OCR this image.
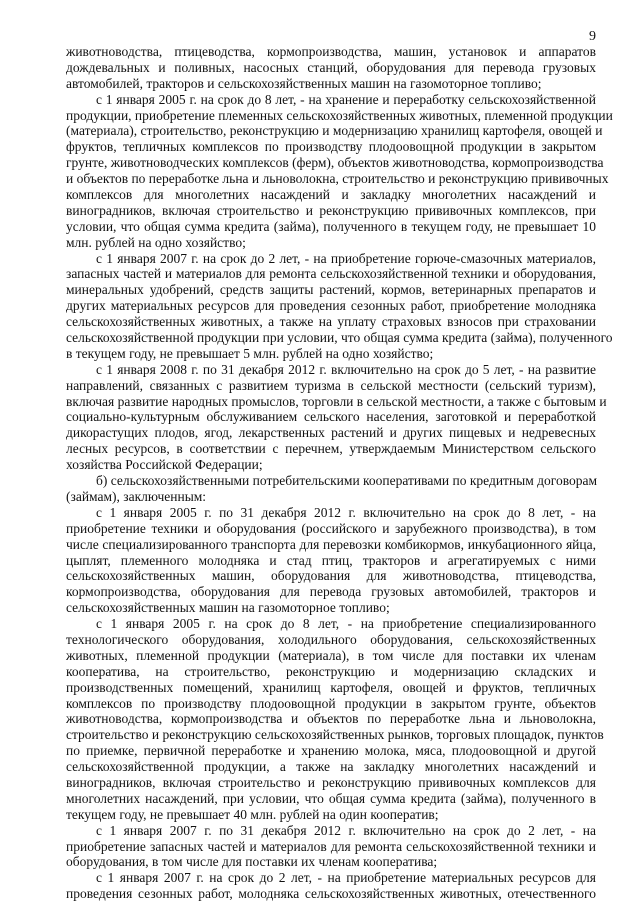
9
животноводства, птицеводства, кормопроизводства, машин, установок и аппаратов
дождевальных и поливных, насосных станций, оборудования для перевода грузовых
автомобилей, тракторов и сельскохозяйственных машин на газомоторное топливо;
с 1 января 2005 г. на срок до 8 лет, - на хранение и переработку сельскохозяйственной
продукции, приобретение племенных сельскохозяйственных животных, племенной продукции
(материала), строительство, реконструкцию и модернизацию хранилищ картофеля, овощей и
фруктов, тепличных комплексов по производству плодоовощной продукции в закрытом
грунте, животноводческих комплексов (ферм), объектов животноводства, кормопроизводства
и объектов по переработке льна и льноволокна, строительство и реконструкцию прививочных
комплексов для многолетних насаждений и закладку многолетних насаждений и
виноградников, включая строительство и реконструкцию прививочных комплексов, при
условии, что общая сумма кредита (займа), полученного в текущем году, не превышает 10
млн. рублей на одно хозяйство;
с 1 января 2007 г. на срок до 2 лет, - на приобретение горюче-смазочных материалов,
запасных частей и материалов для ремонта сельскохозяйственной техники и оборудования,
минеральных удобрений, средств защиты растений, кормов, ветеринарных препаратов и
других материальных ресурсов для проведения сезонных работ, приобретение молодняка
сельскохозяйственных животных, а также на уплату страховых взносов при страховании
сельскохозяйственной продукции при условии, что общая сумма кредита (займа), полученного
в текущем году, не превышает 5 млн. рублей на одно хозяйство;
с 1 января 2008 г. по 31 декабря 2012 г. включительно на срок до 5 лет, - на развитие
направлений, связанных с развитием туризма в сельской местности (сельский туризм),
включая развитие народных промыслов, торговли в сельской местности, а также с бытовым и
социально-культурным обслуживанием сельского населения, заготовкой и переработкой
дикорастущих плодов, ягод, лекарственных растений и других пищевых и недревесных
лесных ресурсов, в соответствии с перечнем, утверждаемым Министерством сельского
хозяйства Российской Федерации;
б) сельскохозяйственными потребительскими кооперативами по кредитным договорам
(займам), заключенным:
с 1 января 2005 г. по 31 декабря 2012 г. включительно на срок до 8 лет, - на
приобретение техники и оборудования (российского и зарубежного производства), в том
числе специализированного транспорта для перевозки комбикормов, инкубационного яйца,
цыплят, племенного молодняка и стад птиц, тракторов и агрегатируемых с ними
сельскохозяйственных машин, оборудования для животноводства, птицеводства,
кормопроизводства, оборудования для перевода грузовых автомобилей, тракторов и
сельскохозяйственных машин на газомоторное топливо;
с 1 января 2005 г. на срок до 8 лет, - на приобретение специализированного
технологического оборудования, холодильного оборудования, сельскохозяйственных
животных, племенной продукции (материала), в том числе для поставки их членам
кооператива, на строительство, реконструкцию и модернизацию складских и
производственных помещений, хранилищ картофеля, овощей и фруктов, тепличных
комплексов по производству плодоовощной продукции в закрытом грунте, объектов
животноводства, кормопроизводства и объектов по переработке льна и льноволокна,
строительство и реконструкцию сельскохозяйственных рынков, торговых площадок, пунктов
по приемке, первичной переработке и хранению молока, мяса, плодоовощной и другой
сельскохозяйственной продукции, а также на закладку многолетних насаждений и
виноградников, включая строительство и реконструкцию прививочных комплексов для
многолетних насаждений, при условии, что общая сумма кредита (займа), полученного в
текущем году, не превышает 40 млн. рублей на один кооператив;
с 1 января 2007 г. по 31 декабря 2012 г. включительно на срок до 2 лет, - на
приобретение запасных частей и материалов для ремонта сельскохозяйственной техники и
оборудования, в том числе для поставки их членам кооператива;
с 1 января 2007 г. на срок до 2 лет, - на приобретение материальных ресурсов для
проведения сезонных работ, молодняка сельскохозяйственных животных, отечественного
